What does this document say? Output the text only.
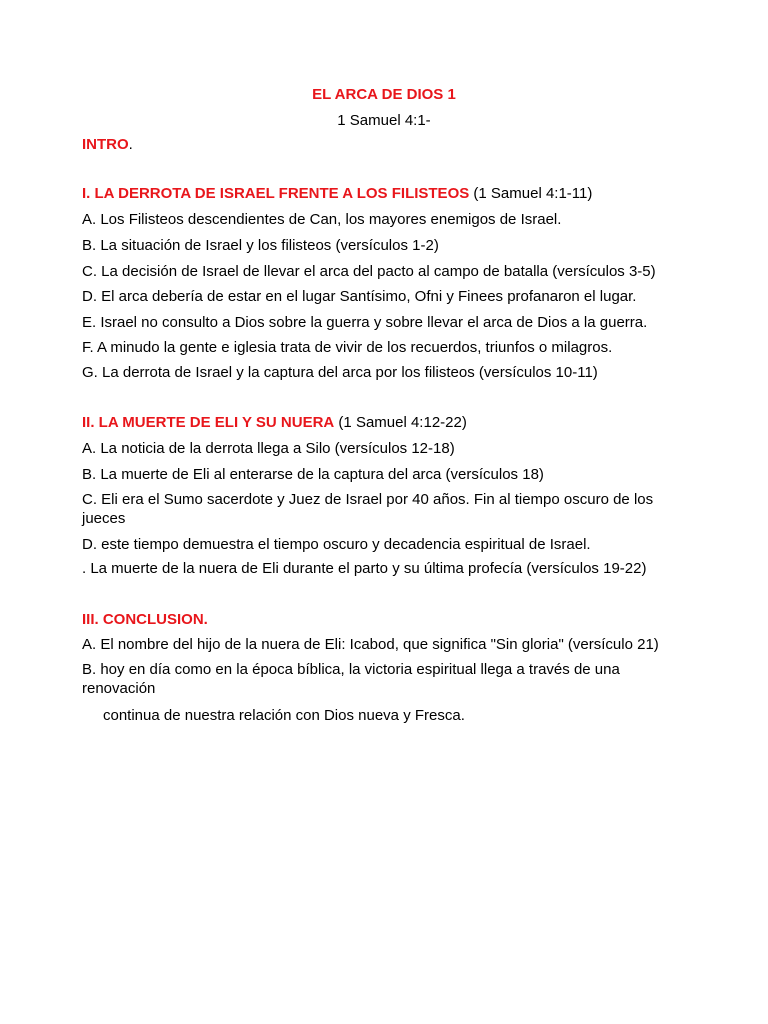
EL ARCA DE DIOS 1
1 Samuel 4:1-
INTRO.
I. LA DERROTA DE ISRAEL FRENTE A LOS FILISTEOS (1 Samuel 4:1-11)
A. Los Filisteos descendientes de Can, los mayores enemigos de Israel.
B. La situación de Israel y los filisteos (versículos 1-2)
C. La decisión de Israel de llevar el arca del pacto al campo de batalla (versículos 3-5)
D. El arca debería de estar en el lugar Santísimo, Ofni y Finees profanaron el lugar.
E. Israel no consulto a Dios sobre la guerra y sobre llevar el arca de Dios a la guerra.
F. A minudo la gente e iglesia trata de vivir de los recuerdos, triunfos o milagros.
G. La derrota de Israel y la captura del arca por los filisteos (versículos 10-11)
II. LA MUERTE DE ELI Y SU NUERA (1 Samuel 4:12-22)
A. La noticia de la derrota llega a Silo (versículos 12-18)
B. La muerte de Eli al enterarse de la captura del arca (versículos 18)
C. Eli era el Sumo sacerdote y Juez de Israel por 40 años. Fin al tiempo oscuro de los jueces
D. este tiempo demuestra el tiempo oscuro y decadencia espiritual de Israel.
. La muerte de la nuera de Eli durante el parto y su última profecía (versículos 19-22)
III. CONCLUSION.
A. El nombre del hijo de la nuera de Eli: Icabod, que significa "Sin gloria" (versículo 21)
B. hoy en día como en la época bíblica, la victoria espiritual llega a través de una renovación
continua de nuestra relación con Dios nueva y Fresca.
